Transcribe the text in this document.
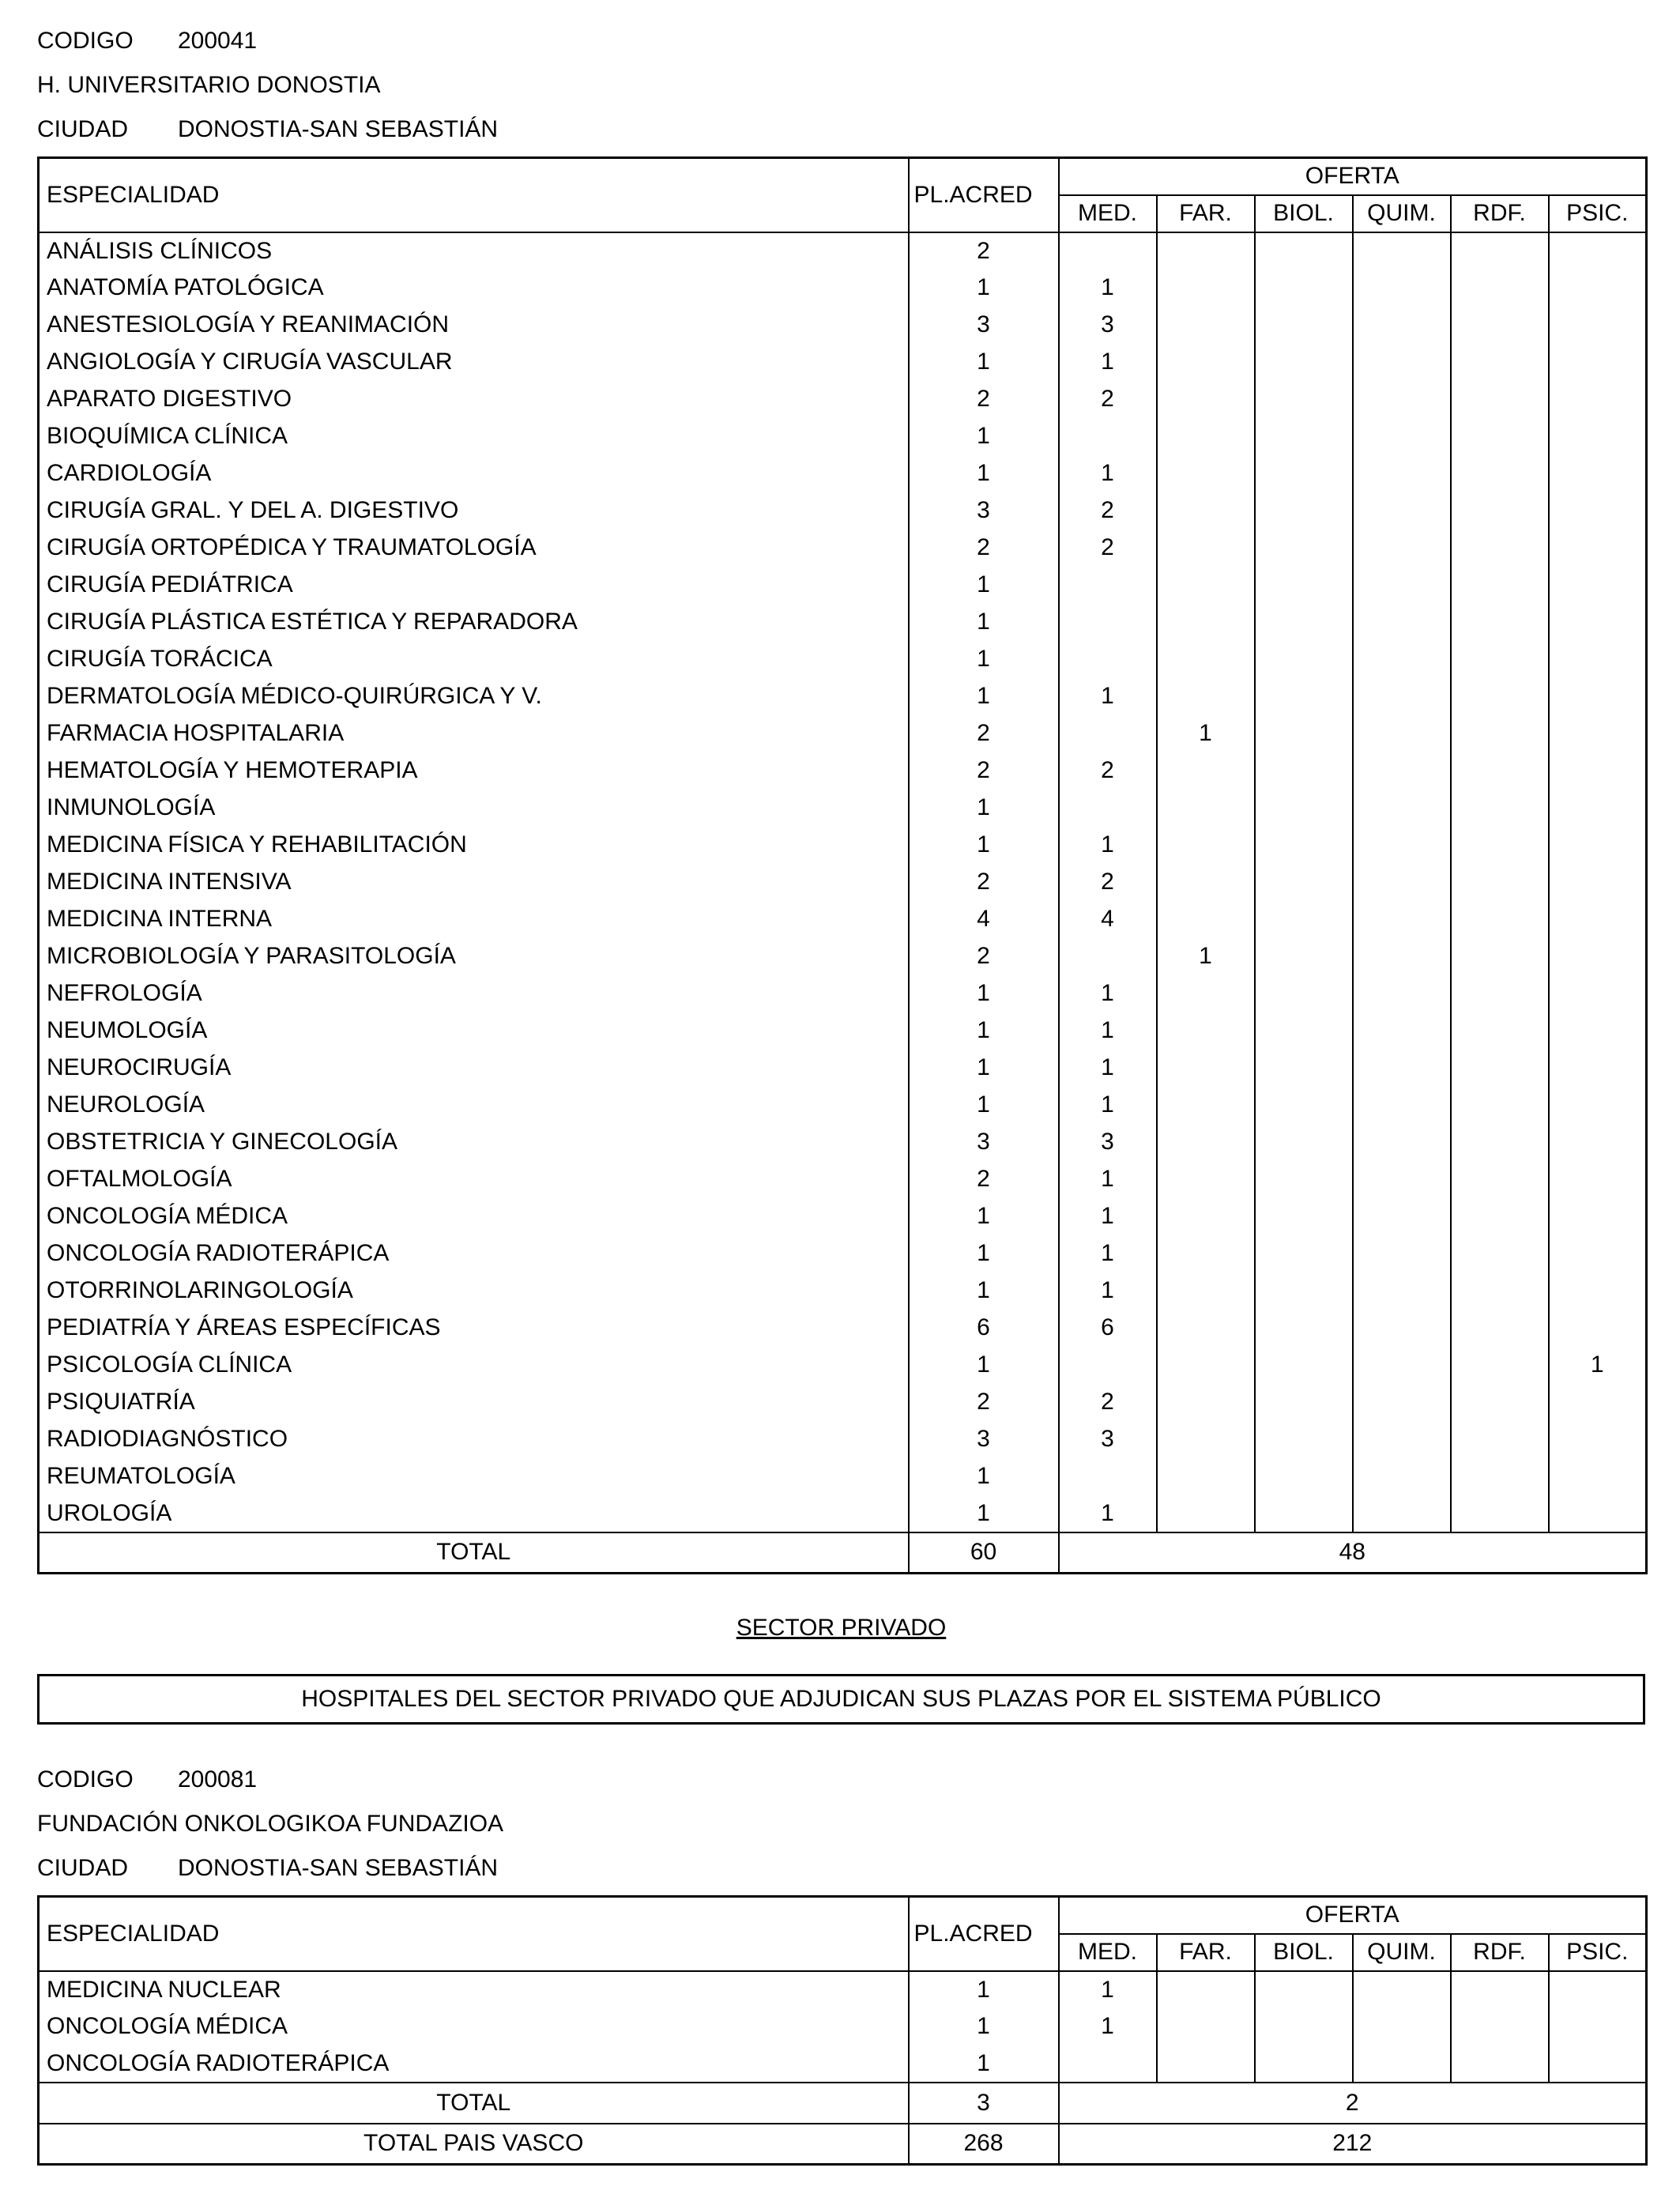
CODIGO	200041
H. UNIVERSITARIO DONOSTIA
CIUDAD	DONOSTIA-SAN SEBASTIÁN
ESPECIALIDAD	PL.ACRED	OFERTA					
		MED.	FAR.	BIOL.	QUIM.	RDF.	PSIC.
ANÁLISIS CLÍNICOS	2						
ANATOMÍA PATOLÓGICA	1	1					
ANESTESIOLOGÍA Y REANIMACIÓN	3	3					
ANGIOLOGÍA Y CIRUGÍA VASCULAR	1	1					
APARATO DIGESTIVO	2	2					
BIOQUÍMICA CLÍNICA	1						
CARDIOLOGÍA	1	1					
CIRUGÍA GRAL. Y DEL A. DIGESTIVO	3	2					
CIRUGÍA ORTOPÉDICA Y TRAUMATOLOGÍA	2	2					
CIRUGÍA PEDIÁTRICA	1						
CIRUGÍA PLÁSTICA ESTÉTICA Y REPARADORA	1						
CIRUGÍA TORÁCICA	1						
DERMATOLOGÍA MÉDICO-QUIRÚRGICA Y V.	1	1					
FARMACIA HOSPITALARIA	2		1				
HEMATOLOGÍA Y HEMOTERAPIA	2	2					
INMUNOLOGÍA	1						
MEDICINA FÍSICA Y REHABILITACIÓN	1	1					
MEDICINA INTENSIVA	2	2					
MEDICINA INTERNA	4	4					
MICROBIOLOGÍA Y PARASITOLOGÍA	2		1				
NEFROLOGÍA	1	1					
NEUMOLOGÍA	1	1					
NEUROCIRUGÍA	1	1					
NEUROLOGÍA	1	1					
OBSTETRICIA Y GINECOLOGÍA	3	3					
OFTALMOLOGÍA	2	1					
ONCOLOGÍA MÉDICA	1	1					
ONCOLOGÍA RADIOTERÁPICA	1	1					
OTORRINOLARINGOLOGÍA	1	1					
PEDIATRÍA Y ÁREAS ESPECÍFICAS	6	6					
PSICOLOGÍA CLÍNICA	1						1
PSIQUIATRÍA	2	2					
RADIODIAGNÓSTICO	3	3					
REUMATOLOGÍA	1						
UROLOGÍA	1	1					
TOTAL	60	48					
SECTOR PRIVADO
HOSPITALES DEL SECTOR PRIVADO QUE ADJUDICAN SUS PLAZAS POR EL SISTEMA PÚBLICO
CODIGO	200081
FUNDACIÓN ONKOLOGIKOA FUNDAZIOA
CIUDAD	DONOSTIA-SAN SEBASTIÁN
ESPECIALIDAD	PL.ACRED	OFERTA					
		MED.	FAR.	BIOL.	QUIM.	RDF.	PSIC.
MEDICINA NUCLEAR	1	1					
ONCOLOGÍA MÉDICA	1	1					
ONCOLOGÍA RADIOTERÁPICA	1						
TOTAL	3	2					
TOTAL PAIS VASCO	268	212					
